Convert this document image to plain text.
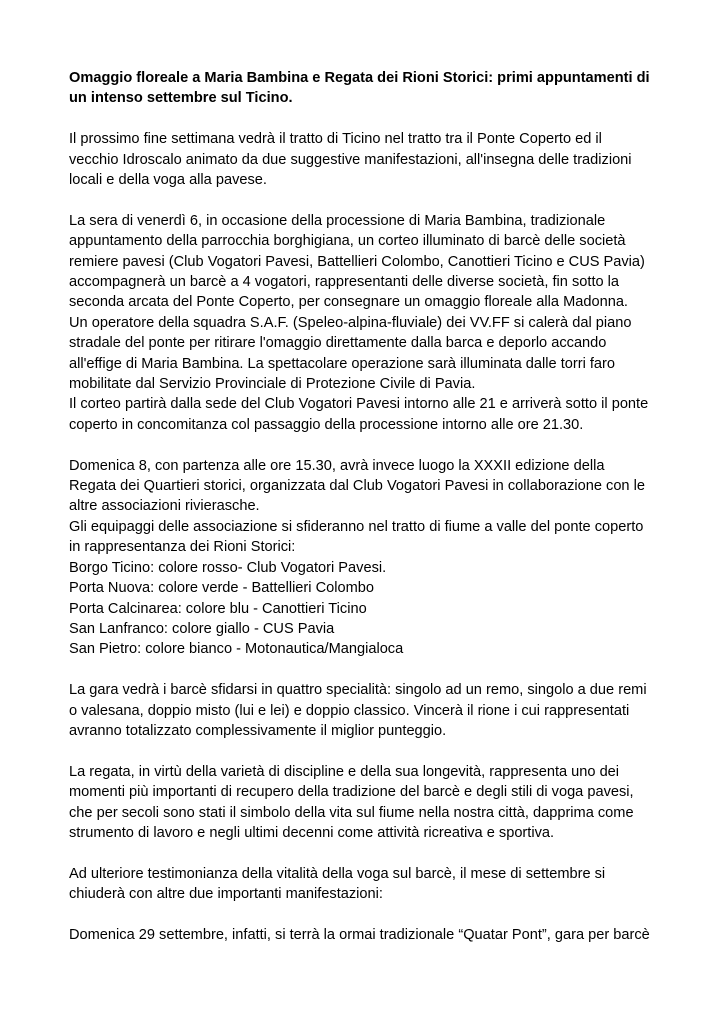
Omaggio floreale a Maria Bambina e Regata dei Rioni Storici: primi appuntamenti di
un intenso settembre sul Ticino.

Il prossimo fine settimana vedrà il tratto di Ticino nel tratto tra il Ponte Coperto ed il
vecchio Idroscalo animato da due suggestive manifestazioni, all'insegna delle tradizioni
locali e della voga alla pavese.

La sera di venerdì 6, in occasione della processione di Maria Bambina, tradizionale
appuntamento della parrocchia borghigiana, un corteo illuminato di barcè delle società
remiere pavesi (Club Vogatori Pavesi, Battellieri Colombo, Canottieri Ticino e CUS Pavia)
accompagnerà un barcè a 4 vogatori, rappresentanti delle diverse società, fin sotto la
seconda arcata del Ponte Coperto, per consegnare un omaggio floreale alla Madonna.
Un operatore della squadra S.A.F. (Speleo-alpina-fluviale) dei VV.FF si calerà dal piano
stradale del ponte per ritirare l'omaggio direttamente dalla barca e deporlo accando
all'effige di Maria Bambina. La spettacolare operazione sarà illuminata dalle torri faro
mobilitate dal Servizio Provinciale di Protezione Civile di Pavia.
Il corteo partirà dalla sede del Club Vogatori Pavesi intorno alle 21 e arriverà sotto il ponte
coperto in concomitanza col passaggio della processione intorno alle ore 21.30.

Domenica 8, con partenza alle ore 15.30, avrà invece luogo la XXXII edizione della
Regata dei Quartieri storici, organizzata dal Club Vogatori Pavesi in collaborazione con le
altre associazioni rivierasche.
Gli equipaggi delle associazione si sfideranno nel tratto di fiume a valle del ponte coperto
in rappresentanza dei Rioni Storici:
Borgo Ticino: colore rosso- Club Vogatori Pavesi.
Porta Nuova: colore verde - Battellieri Colombo
Porta Calcinarea: colore blu - Canottieri Ticino
San Lanfranco: colore giallo - CUS Pavia
San Pietro: colore bianco - Motonautica/Mangialoca

La gara vedrà i barcè sfidarsi in quattro specialità: singolo ad un remo, singolo a due remi
o valesana, doppio misto (lui e lei) e doppio classico. Vincerà il rione i cui rappresentati
avranno totalizzato complessivamente il miglior punteggio.

La regata, in virtù della varietà di discipline e della sua longevità, rappresenta uno dei
momenti più importanti di recupero della tradizione del barcè e degli stili di voga pavesi,
che per secoli sono stati il simbolo della vita sul fiume nella nostra città, dapprima come
strumento di lavoro e negli ultimi decenni come attività ricreativa e sportiva.

Ad ulteriore testimonianza della vitalità della voga sul barcè, il mese di settembre si
chiuderà con altre due importanti manifestazioni:

Domenica 29 settembre, infatti, si terrà la ormai tradizionale “Quatar Pont”, gara per barcè
